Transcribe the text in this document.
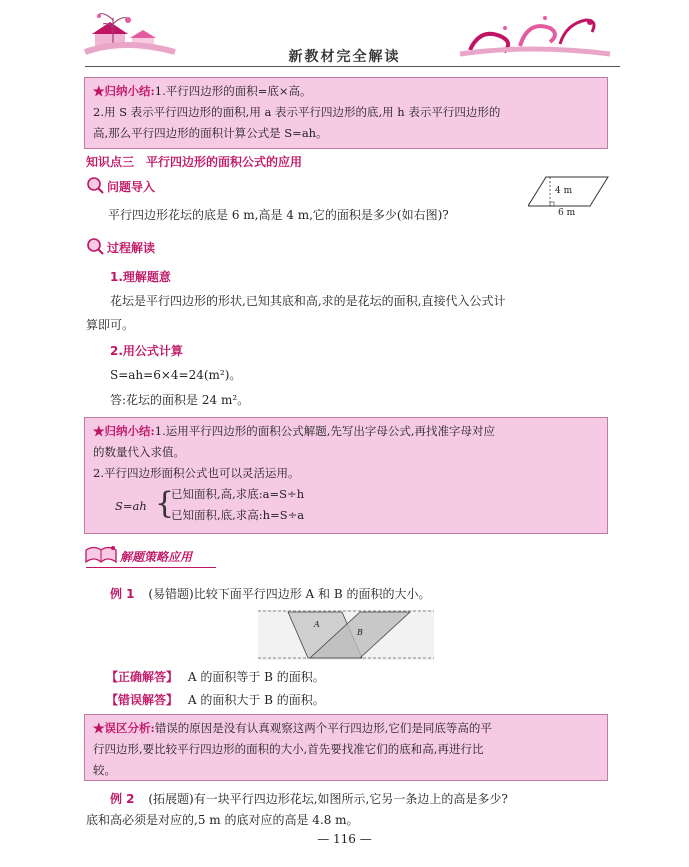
新教材完全解读
★归纳小结:1.平行四边形的面积=底×高。
2.用 S 表示平行四边形的面积,用 a 表示平行四边形的底,用 h 表示平行四边形的
高,那么平行四边形的面积计算公式是 S=ah。
知识点三　平行四边形的面积公式的应用
问题导入
平行四边形花坛的底是 6 m,高是 4 m,它的面积是多少(如右图)?
4 m
6 m
过程解读
1.理解题意
花坛是平行四边形的形状,已知其底和高,求的是花坛的面积,直接代入公式计
算即可。
2.用公式计算
S=ah=6×4=24(m²)。
答:花坛的面积是 24 m²。
★归纳小结:1.运用平行四边形的面积公式解题,先写出字母公式,再找准字母对应
的数量代入求值。
2.平行四边形面积公式也可以灵活运用。
S=ah {
已知面积,高,求底:a=S÷h
已知面积,底,求高:h=S÷a
解题策略应用
例 1 (易错题)比较下面平行四边形 A 和 B 的面积的大小。
A
B
【正确解答】 A 的面积等于 B 的面积。
【错误解答】 A 的面积大于 B 的面积。
★误区分析:错误的原因是没有认真观察这两个平行四边形,它们是同底等高的平
行四边形,要比较平行四边形的面积的大小,首先要找准它们的底和高,再进行比
较。
例 2 (拓展题)有一块平行四边形花坛,如图所示,它另一条边上的高是多少?
底和高必须是对应的,5 m 的底对应的高是 4.8 m。
— 116 —
